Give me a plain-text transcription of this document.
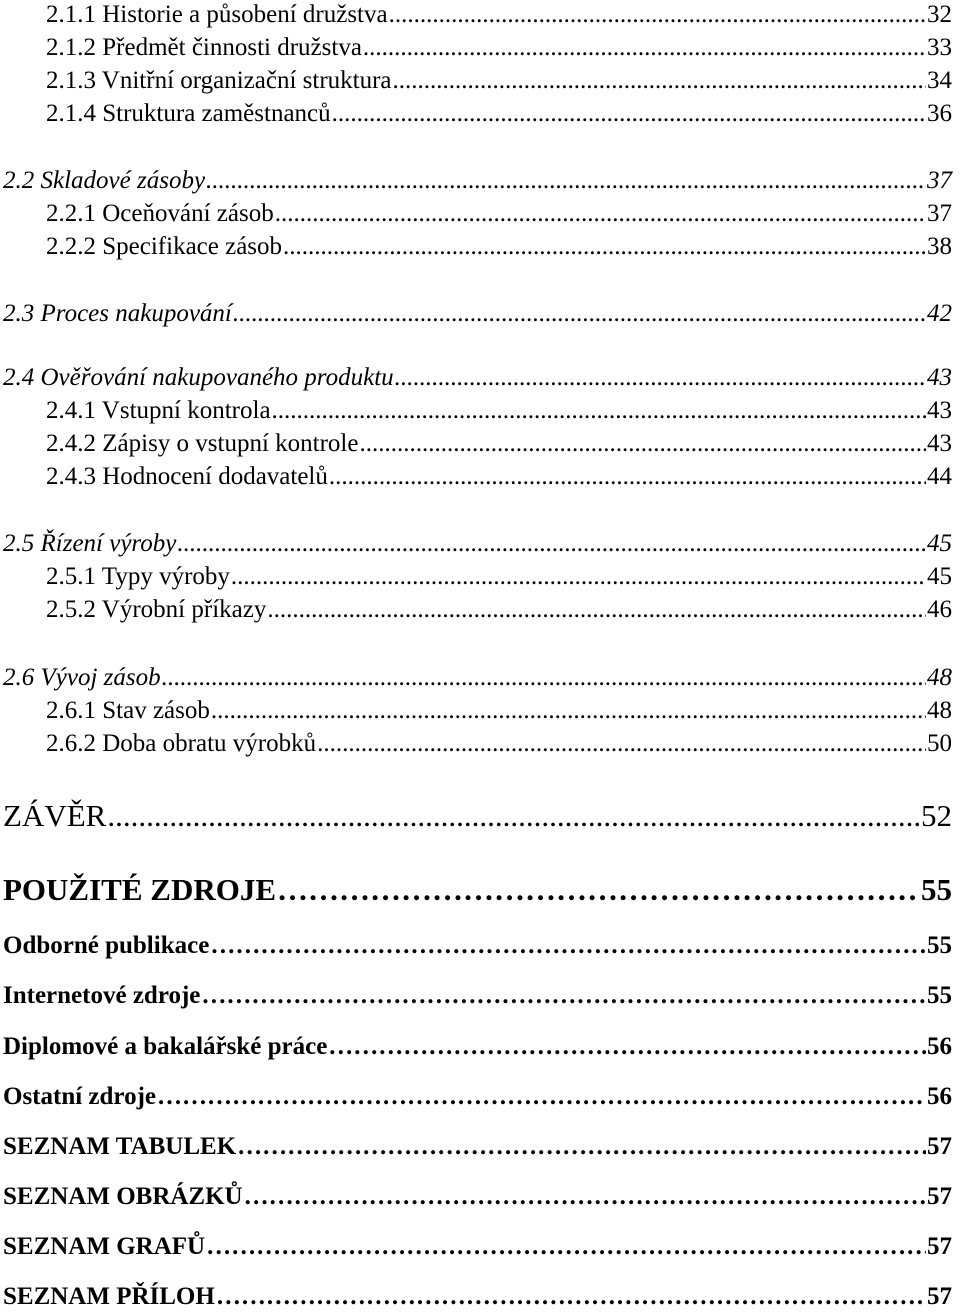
2.1.1 Historie a působení družstva .....	32
2.1.2 Předmět činnosti družstva .....	33
2.1.3 Vnitřní organizační struktura .....	34
2.1.4 Struktura zaměstnanců .....	36
2.2 Skladové zásoby .....	37
2.2.1 Oceňování zásob .....	37
2.2.2 Specifikace zásob .....	38
2.3 Proces nakupování .....	42
2.4 Ověřování nakupovaného produktu .....	43
2.4.1 Vstupní kontrola .....	43
2.4.2 Zápisy o vstupní kontrole .....	43
2.4.3 Hodnocení dodavatelů .....	44
2.5 Řízení výroby .....	45
2.5.1 Typy výroby .....	45
2.5.2 Výrobní příkazy .....	46
2.6 Vývoj zásob .....	48
2.6.1 Stav zásob .....	48
2.6.2 Doba obratu výrobků .....	50
ZÁVĚR .....	52
POUŽITÉ ZDROJE ……………………………………………………………………………………………………………………………………………………………………………………………………………	55
Odborné publikace ……………………………………………………………………………………………………………………………………………………………………………………………………………	55
Internetové zdroje ……………………………………………………………………………………………………………………………………………………………………………………………………………	55
Diplomové a bakalářské práce ……………………………………………………………………………………………………………………………………………………………………………………………………………	56
Ostatní zdroje ……………………………………………………………………………………………………………………………………………………………………………………………………………	56
SEZNAM TABULEK ……………………………………………………………………………………………………………………………………………………………………………………………………………	57
SEZNAM OBRÁZKŮ ……………………………………………………………………………………………………………………………………………………………………………………………………………	57
SEZNAM GRAFŮ ……………………………………………………………………………………………………………………………………………………………………………………………………………	57
SEZNAM PŘÍLOH ……………………………………………………………………………………………………………………………………………………………………………………………………………	57
